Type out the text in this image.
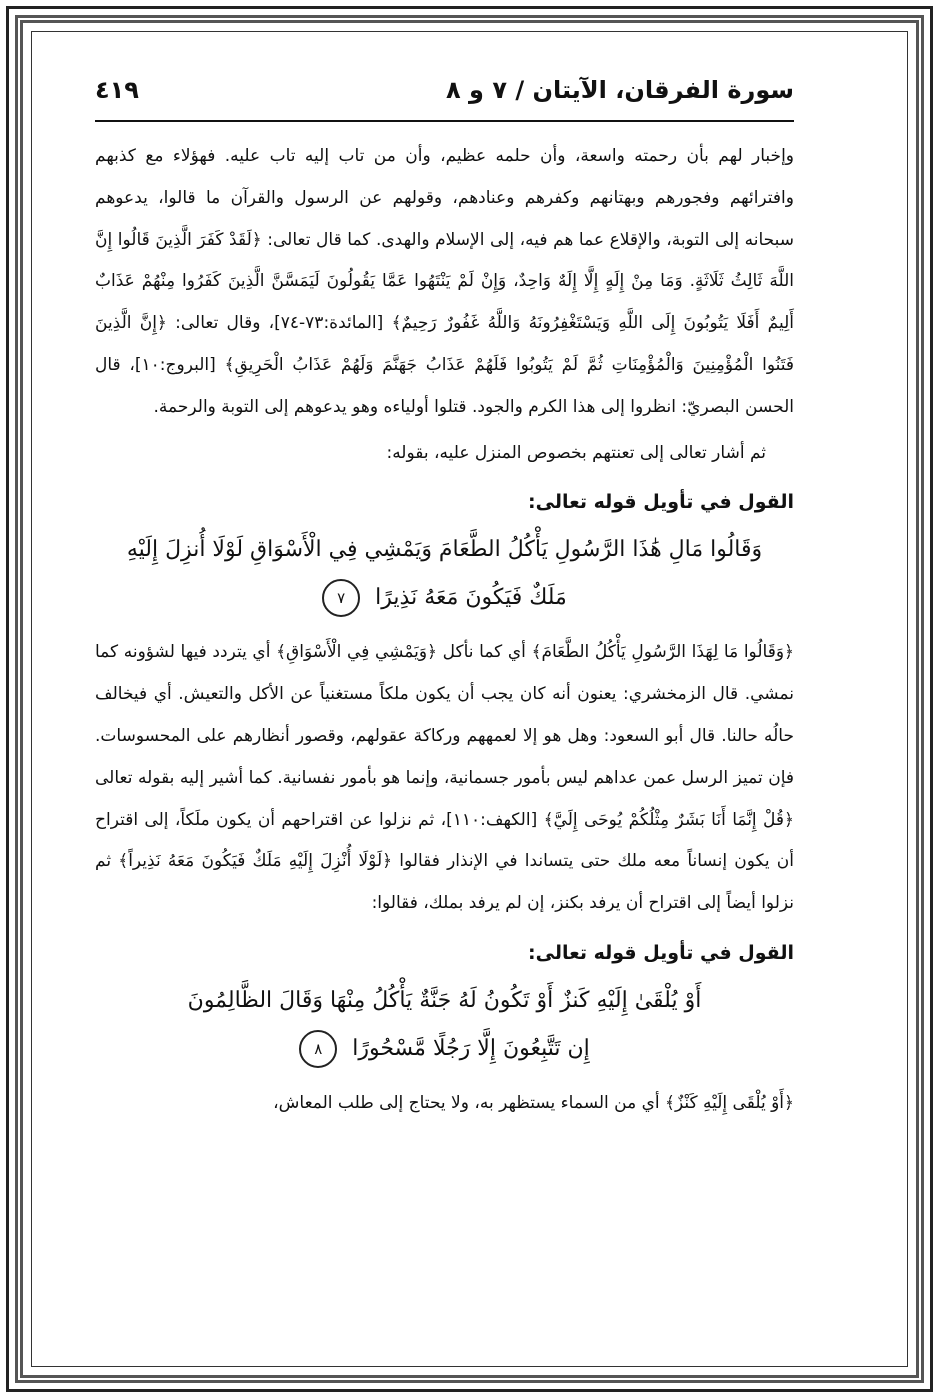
سورة الفرقان، الآيتان / ٧ و ٨
٤١٩

وإخبار لهم بأن رحمته واسعة، وأن حلمه عظيم، وأن من تاب إليه تاب عليه. فهؤلاء مع كذبهم وافترائهم وفجورهم وبهتانهم وكفرهم وعنادهم، وقولهم عن الرسول والقرآن ما قالوا، يدعوهم سبحانه إلى التوبة، والإقلاع عما هم فيه، إلى الإسلام والهدى. كما قال تعالى: ﴿لَقَدْ كَفَرَ الَّذِينَ قَالُوا إِنَّ اللَّهَ ثَالِثُ ثَلَاثَةٍ. وَمَا مِنْ إِلَهٍ إِلَّا إِلَهٌ وَاحِدٌ، وَإِنْ لَمْ يَنْتَهُوا عَمَّا يَقُولُونَ لَيَمَسَّنَّ الَّذِينَ كَفَرُوا مِنْهُمْ عَذَابٌ أَلِيمٌ أَفَلَا يَتُوبُونَ إِلَى اللَّهِ وَيَسْتَغْفِرُونَهُ وَاللَّهُ غَفُورٌ رَحِيمٌ﴾ [المائدة:٧٣-٧٤]، وقال تعالى: ﴿إِنَّ الَّذِينَ فَتَنُوا الْمُؤْمِنِينَ وَالْمُؤْمِنَاتِ ثُمَّ لَمْ يَتُوبُوا فَلَهُمْ عَذَابُ جَهَنَّمَ وَلَهُمْ عَذَابُ الْحَرِيقِ﴾ [البروج:١٠]، قال الحسن البصريّ: انظروا إلى هذا الكرم والجود. قتلوا أولياءه وهو يدعوهم إلى التوبة والرحمة.

ثم أشار تعالى إلى تعنتهم بخصوص المنزل عليه، بقوله:

القول في تأويل قوله تعالى:
وَقَالُوا مَالِ هَٰذَا الرَّسُولِ يَأْكُلُ الطَّعَامَ وَيَمْشِي فِي الْأَسْوَاقِ لَوْلَا أُنزِلَ إِلَيْهِ
مَلَكٌ فَيَكُونَ مَعَهُ نَذِيرًا ٧

﴿وَقَالُوا مَا لِهَذَا الرَّسُولِ يَأْكُلُ الطَّعَامَ﴾ أي كما نأكل ﴿وَيَمْشِي فِي الْأَسْوَاقِ﴾ أي يتردد فيها لشؤونه كما نمشي. قال الزمخشري: يعنون أنه كان يجب أن يكون ملكاً مستغنياً عن الأكل والتعيش. أي فيخالف حالُه حالنا. قال أبو السعود: وهل هو إلا لعمههم وركاكة عقولهم، وقصور أنظارهم على المحسوسات. فإن تميز الرسل عمن عداهم ليس بأمور جسمانية، وإنما هو بأمور نفسانية. كما أشير إليه بقوله تعالى ﴿قُلْ إِنَّمَا أَنَا بَشَرٌ مِثْلُكُمْ يُوحَى إِلَيَّ﴾ [الكهف:١١٠]، ثم نزلوا عن اقتراحهم أن يكون ملَكاً، إلى اقتراح أن يكون إنساناً معه ملك حتى يتساندا في الإنذار فقالوا ﴿لَوْلَا أُنْزِلَ إِلَيْهِ مَلَكٌ فَيَكُونَ مَعَهُ نَذِيراً﴾ ثم نزلوا أيضاً إلى اقتراح أن يرفد بكنز، إن لم يرفد بملك، فقالوا:

القول في تأويل قوله تعالى:
أَوْ يُلْقَىٰ إِلَيْهِ كَنزٌ أَوْ تَكُونُ لَهُ جَنَّةٌ يَأْكُلُ مِنْهَا وَقَالَ الظَّالِمُونَ
إِن تَتَّبِعُونَ إِلَّا رَجُلًا مَّسْحُورًا ٨

﴿أَوْ يُلْقَى إِلَيْهِ كَنْزٌ﴾ أي من السماء يستظهر به، ولا يحتاج إلى طلب المعاش،
